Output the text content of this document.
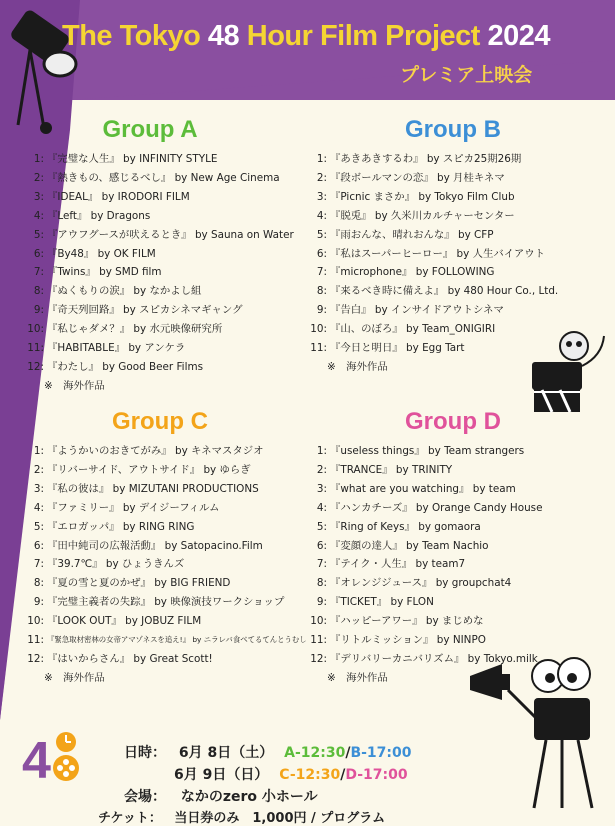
The Tokyo 48 Hour Film Project 2024
プレミア上映会
Group A
1: 『完璧な人生』 by INFINITY STYLE
2: 『熱きもの、感じるべし』 by New Age Cinema
3: 『IDEAL』 by IRODORI FILM
4: 『Left』 by Dragons
5: 『アウフグースが吠えるとき』 by Sauna on Water
6: 『By48』 by OK FILM
7: 『Twins』 by SMD film
8: 『ぬくもりの涙』 by なかよし組
9: 『奇天列回路』 by スピカシネマギャング
10: 『私じゃダメ？』 by 水元映像研究所
11: 『HABITABLE』 by アンケラ
12: 『わたし』 by Good Beer Films
※　海外作品
Group B
1: 『あきあきするわ』 by スピカ25期26期
2: 『段ボールマンの恋』 by 月桂キネマ
3: 『Picnic まさか』 by Tokyo Film Club
4: 『脱兎』 by 久米川カルチャーセンター
5: 『雨おんな、晴れおんな』 by CFP
6: 『私はスーパーヒーロー』 by 人生バイアウト
7: 『microphone』 by FOLLOWING
8: 『来るべき時に備えよ』 by 480 Hour Co., Ltd.
9: 『告白』 by インサイドアウトシネマ
10: 『山、のぼろ』 by Team_ONIGIRI
11: 『今日と明日』 by Egg Tart
※　海外作品
Group C
1: 『ようかいのおきてがみ』 by キネマスタジオ
2: 『リバーサイド、アウトサイド』 by ゆらぎ
3: 『私の彼は』 by MIZUTANI PRODUCTIONS
4: 『ファミリー』 by デイジーフィルム
5: 『エロガッパ』 by RING RING
6: 『田中純司の広報活動』 by Satopacino.Film
7: 『39.7℃』 by ひょうきんズ
8: 『夏の雪と夏のかぜ』 by BIG FRIEND
9: 『完璧主義者の失踪』 by 映像演技ワークショップ
10: 『LOOK OUT』 by JOBUZ FILM
11: 『緊急取材密林の女帝アマゾネスを追え!』 by ニラレバ食べてるてんとうむし
12: 『はいからさん』 by Great Scott!
※　海外作品
Group D
1: 『useless things』 by Team strangers
2: 『TRANCE』 by TRINITY
3: 『what are you watching』 by team
4: 『ハンカチーズ』 by Orange Candy House
5: 『Ring of Keys』 by gomaora
6: 『変顔の達人』 by Team Nachio
7: 『テイク・人生』 by team7
8: 『オレンジジュース』 by groupchat4
9: 『TICKET』 by FLON
10: 『ハッピーアワー』 by まじめな
11: 『リトルミッション』 by NINPO
12: 『デリバリーカニバリズム』 by Tokyo.milk
※　海外作品
4	日時： 6月 8日（土） A-12:30/B-17:00
6月 9日（日） C-12:30/D-17:00
会場： なかのzero 小ホール
チケット： 当日券のみ　1,000円 / プログラム
